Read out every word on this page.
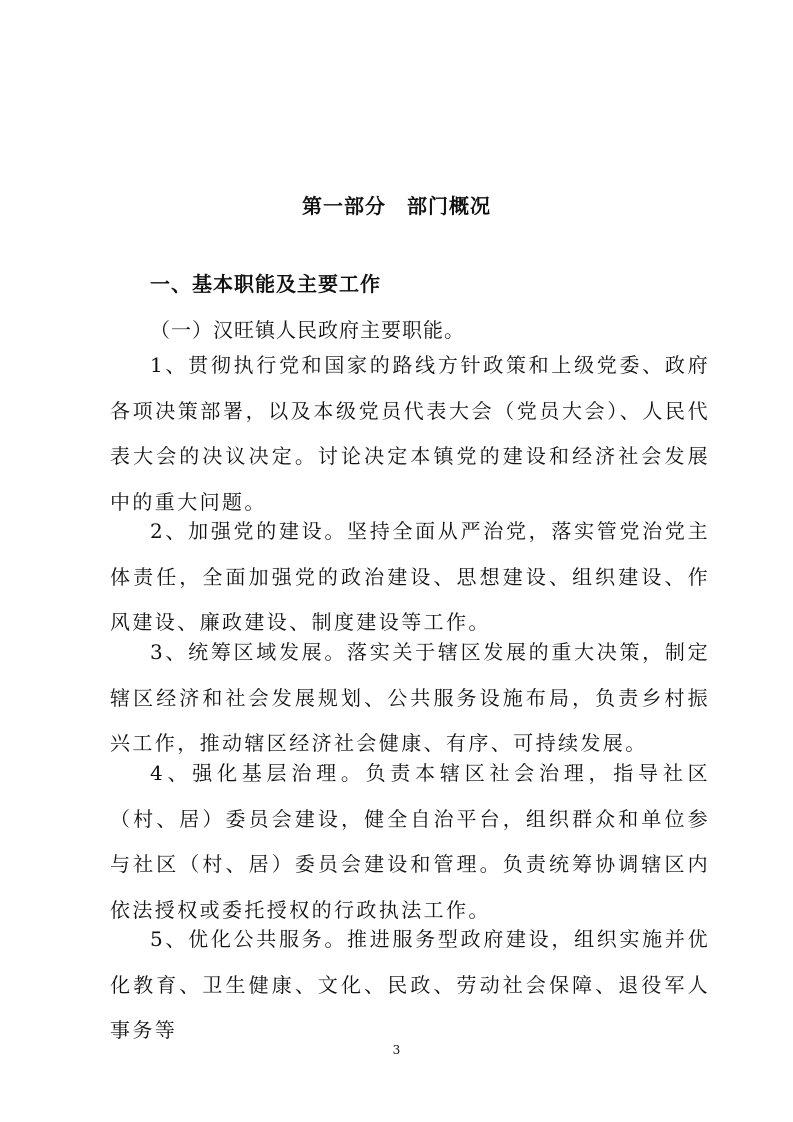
第一部分　部门概况
一、基本职能及主要工作
（一）汉旺镇人民政府主要职能。
1、贯彻执行党和国家的路线方针政策和上级党委、政府各项决策部署，以及本级党员代表大会（党员大会）、人民代表大会的决议决定。讨论决定本镇党的建设和经济社会发展中的重大问题。
2、加强党的建设。坚持全面从严治党，落实管党治党主体责任，全面加强党的政治建设、思想建设、组织建设、作风建设、廉政建设、制度建设等工作。
3、统筹区域发展。落实关于辖区发展的重大决策，制定辖区经济和社会发展规划、公共服务设施布局，负责乡村振兴工作，推动辖区经济社会健康、有序、可持续发展。
4、强化基层治理。负责本辖区社会治理，指导社区（村、居）委员会建设，健全自治平台，组织群众和单位参与社区（村、居）委员会建设和管理。负责统筹协调辖区内依法授权或委托授权的行政执法工作。
5、优化公共服务。推进服务型政府建设，组织实施并优化教育、卫生健康、文化、民政、劳动社会保障、退役军人事务等
3
